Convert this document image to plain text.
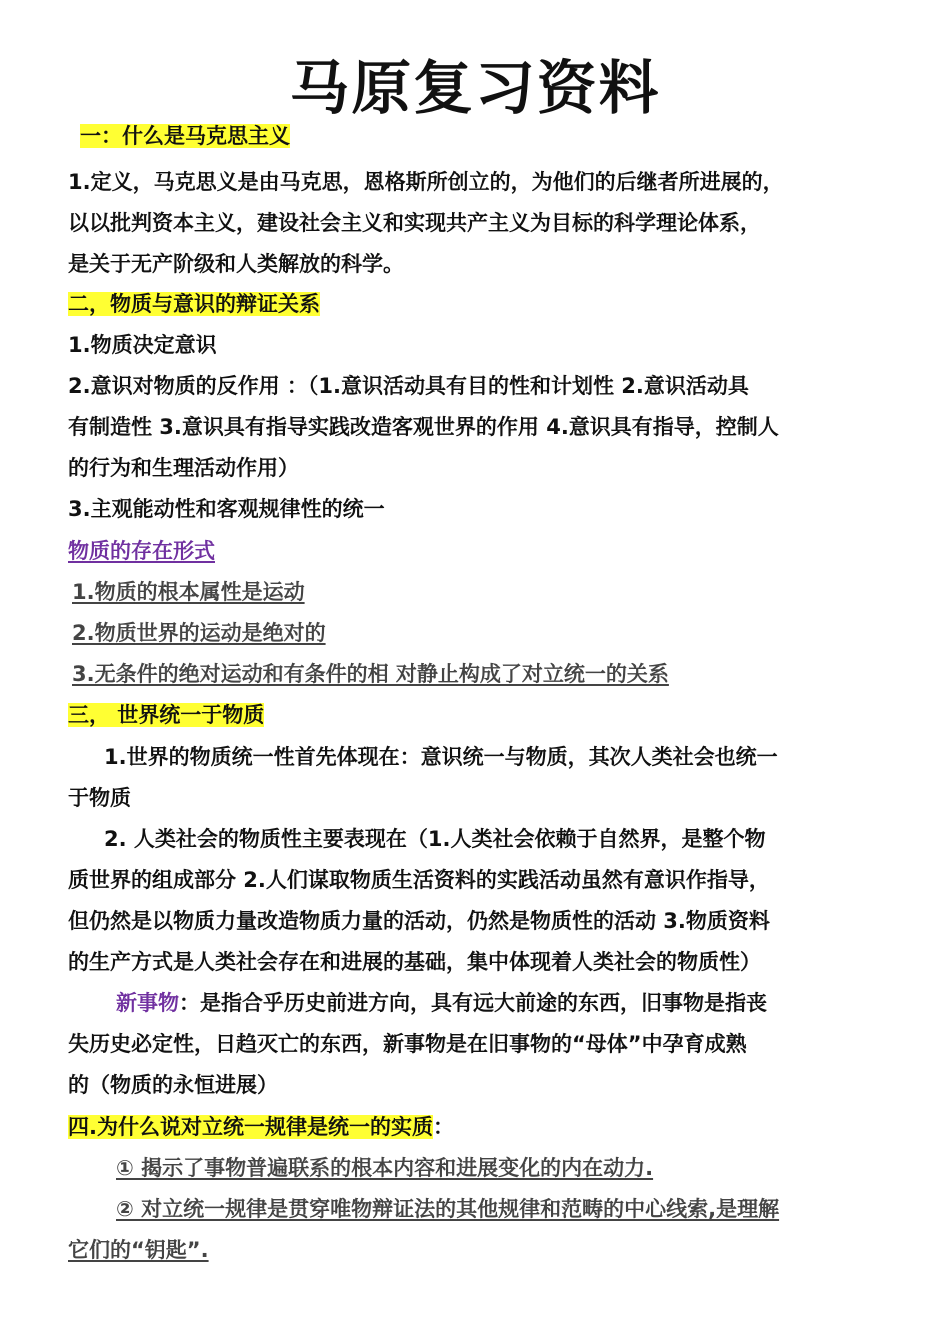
马原复习资料
一：什么是马克思主义
1.定义，马克思义是由马克思，恩格斯所创立的，为他们的后继者所进展的，
以以批判资本主义，建设社会主义和实现共产主义为目标的科学理论体系，
是关于无产阶级和人类解放的科学。
二，物质与意识的辩证关系
1.物质决定意识
2.意识对物质的反作用 ：（1.意识活动具有目的性和计划性 2.意识活动具
有制造性 3.意识具有指导实践改造客观世界的作用 4.意识具有指导，控制人
的行为和生理活动作用）
3.主观能动性和客观规律性的统一
物质的存在形式
1.物质的根本属性是运动
2.物质世界的运动是绝对的
3.无条件的绝对运动和有条件的相 对静止构成了对立统一的关系
三， 世界统一于物质
1.世界的物质统一性首先体现在：意识统一与物质，其次人类社会也统一
于物质
2. 人类社会的物质性主要表现在（1.人类社会依赖于自然界，是整个物
质世界的组成部分 2.人们谋取物质生活资料的实践活动虽然有意识作指导，
但仍然是以物质力量改造物质力量的活动，仍然是物质性的活动 3.物质资料
的生产方式是人类社会存在和进展的基础，集中体现着人类社会的物质性）
新事物：是指合乎历史前进方向，具有远大前途的东西，旧事物是指丧
失历史必定性，日趋灭亡的东西，新事物是在旧事物的“母体”中孕育成熟
的（物质的永恒进展）
四.为什么说对立统一规律是统一的实质：
① 揭示了事物普遍联系的根本内容和进展变化的内在动力.
② 对立统一规律是贯穿唯物辩证法的其他规律和范畴的中心线索,是理解
它们的“钥匙”.
